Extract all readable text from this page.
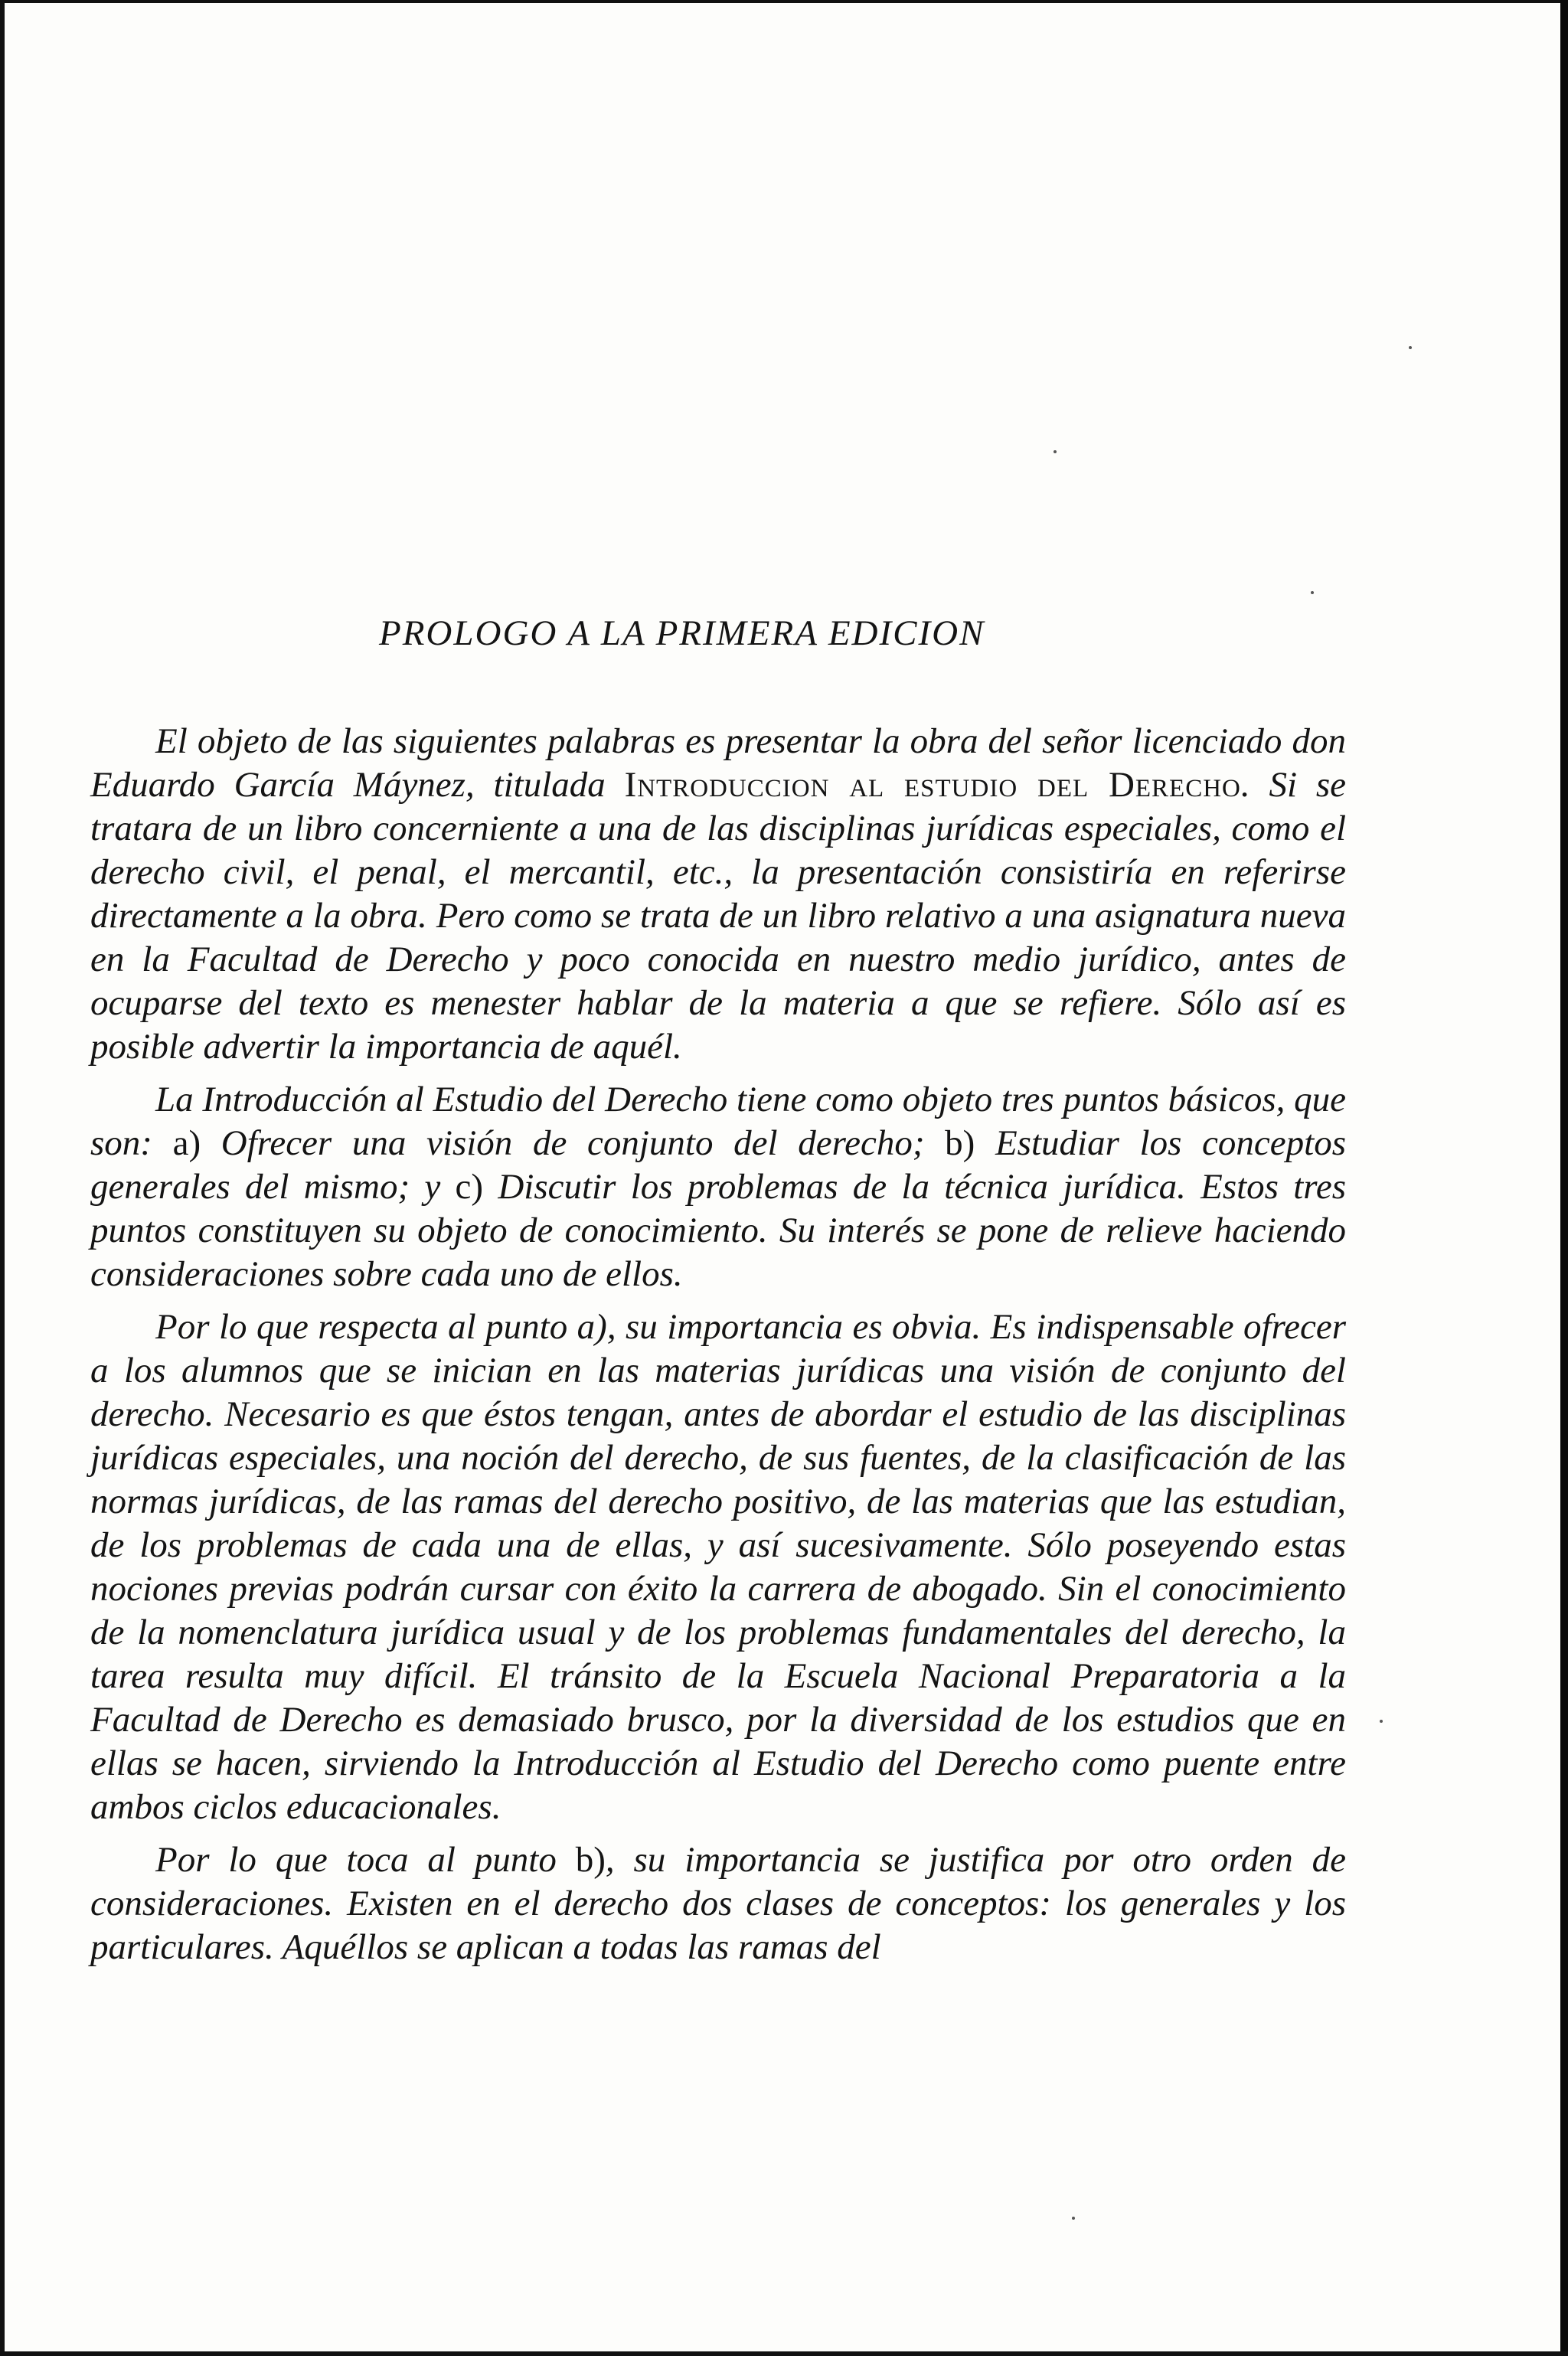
PROLOGO A LA PRIMERA EDICION

El objeto de las siguientes palabras es presentar la obra del señor licenciado don Eduardo García Máynez, titulada Introduccion al estudio del Derecho. Si se tratara de un libro concerniente a una de las disciplinas jurídicas especiales, como el derecho civil, el penal, el mercantil, etc., la presentación consistiría en referirse directamente a la obra. Pero como se trata de un libro relativo a una asignatura nueva en la Facultad de Derecho y poco conocida en nuestro medio jurídico, antes de ocuparse del texto es menester hablar de la materia a que se refiere. Sólo así es posible advertir la importancia de aquél.

La Introducción al Estudio del Derecho tiene como objeto tres puntos básicos, que son: a) Ofrecer una visión de conjunto del derecho; b) Estudiar los conceptos generales del mismo; y c) Discutir los problemas de la técnica jurídica. Estos tres puntos constituyen su objeto de conocimiento. Su interés se pone de relieve haciendo consideraciones sobre cada uno de ellos.

Por lo que respecta al punto a), su importancia es obvia. Es indispensable ofrecer a los alumnos que se inician en las materias jurídicas una visión de conjunto del derecho. Necesario es que éstos tengan, antes de abordar el estudio de las disciplinas jurídicas especiales, una noción del derecho, de sus fuentes, de la clasificación de las normas jurídicas, de las ramas del derecho positivo, de las materias que las estudian, de los problemas de cada una de ellas, y así sucesivamente. Sólo poseyendo estas nociones previas podrán cursar con éxito la carrera de abogado. Sin el conocimiento de la nomenclatura jurídica usual y de los problemas fundamentales del derecho, la tarea resulta muy difícil. El tránsito de la Escuela Nacional Preparatoria a la Facultad de Derecho es demasiado brusco, por la diversidad de los estudios que en ellas se hacen, sirviendo la Introducción al Estudio del Derecho como puente entre ambos ciclos educacionales.

Por lo que toca al punto b), su importancia se justifica por otro orden de consideraciones. Existen en el derecho dos clases de conceptos: los generales y los particulares. Aquéllos se aplican a todas las ramas del
